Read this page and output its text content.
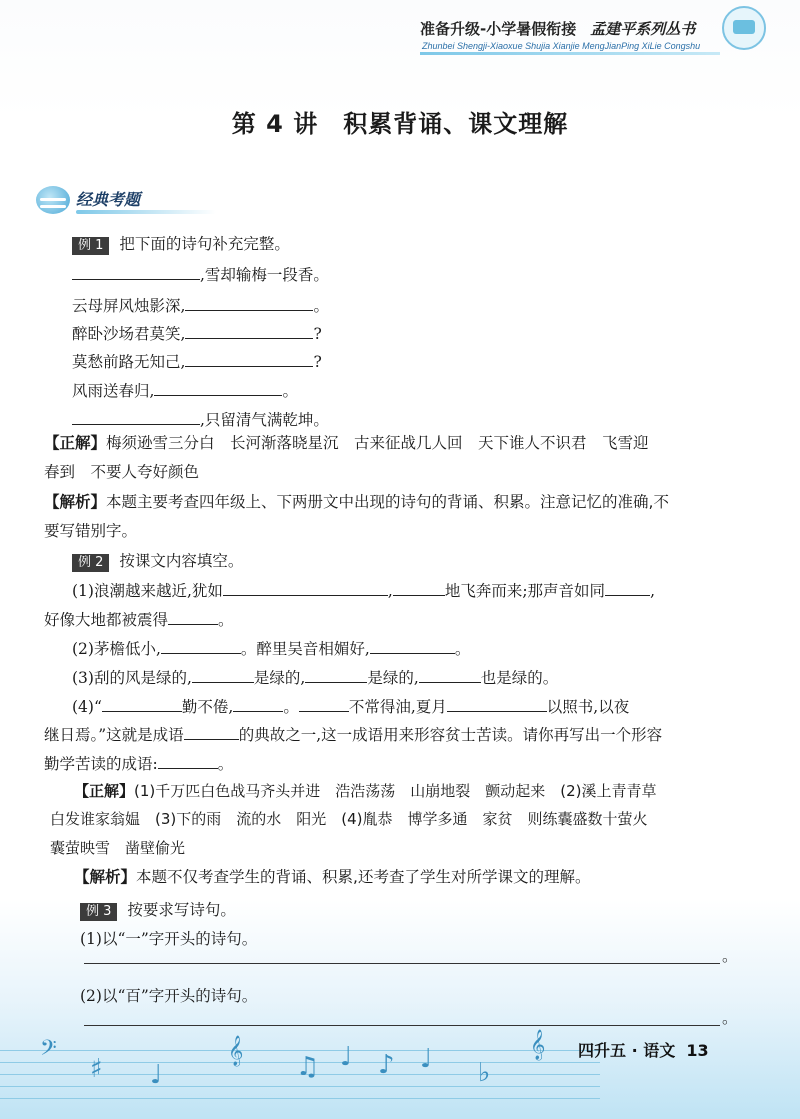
准备升级-小学暑假衔接 孟建平系列丛书
Zhunbei Shengji-Xiaoxue Shujia Xianjie MengJianPing XiLie Congshu
第 4 讲　积累背诵、课文理解
经典考题
例 1 把下面的诗句补充完整。
,雪却输梅一段香。
云母屏风烛影深,	。
醉卧沙场君莫笑,	?
莫愁前路无知己,	?
风雨送春归,	。
,只留清气满乾坤。
【正解】梅须逊雪三分白　长河渐落晓星沉　古来征战几人回　天下谁人不识君　飞雪迎
春到　不要人夸好颜色
【解析】本题主要考查四年级上、下两册文中出现的诗句的背诵、积累。注意记忆的准确,不
要写错别字。
例 2 按课文内容填空。
(1)浪潮越来越近,犹如	,	地飞奔而来;那声音如同	,
好像大地都被震得	。
(2)茅檐低小,	。醉里吴音相媚好,	。
(3)刮的风是绿的,	是绿的,	是绿的,	也是绿的。
(4)“	勤不倦,	。	不常得油,夏月	以照书,以夜
继日焉。”这就是成语	的典故之一,这一成语用来形容贫士苦读。请你再写出一个形容
勤学苦读的成语:	。
【正解】(1)千万匹白色战马齐头并进　浩浩荡荡　山崩地裂　颤动起来　(2)溪上青青草
白发谁家翁媪　(3)下的雨　流的水　阳光　(4)胤恭　博学多通　家贫　则练囊盛数十萤火
囊萤映雪　凿壁偷光
【解析】本题不仅考查学生的背诵、积累,还考查了学生对所学课文的理解。
例 3 按要求写诗句。
(1)以“一”字开头的诗句。
。
(2)以“百”字开头的诗句。
。
𝄢
♯ ♩
𝄞
♫ ♩ ♪ ♩ ♭
𝄞 四升五 · 语文 13
